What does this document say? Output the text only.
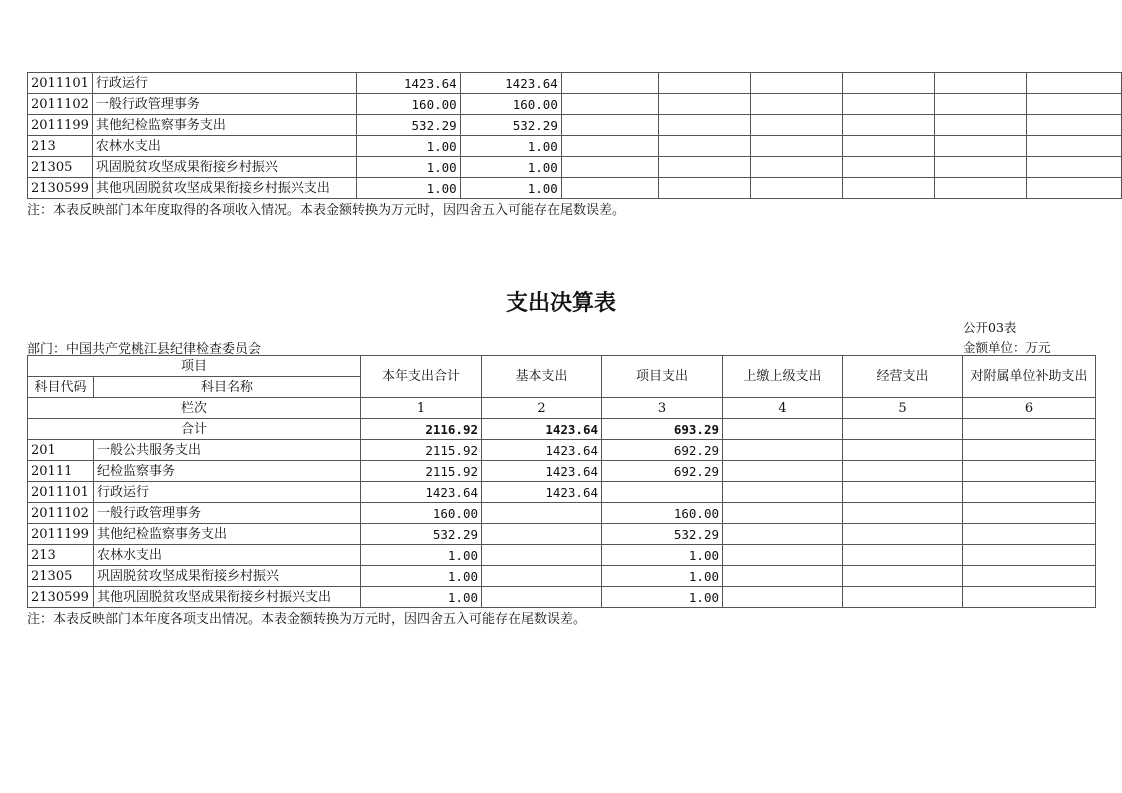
2011101	行政运行	1423.64	1423.64						
2011102	一般行政管理事务	160.00	160.00						
2011199	其他纪检监察事务支出	532.29	532.29						
213	农林水支出	1.00	1.00						
21305	巩固脱贫攻坚成果衔接乡村振兴	1.00	1.00						
2130599	其他巩固脱贫攻坚成果衔接乡村振兴支出	1.00	1.00						
注：本表反映部门本年度取得的各项收入情况。本表金额转换为万元时，因四舍五入可能存在尾数误差。
支出决算表
公开03表
金额单位：万元
部门：中国共产党桃江县纪律检查委员会
项目		本年支出合计	基本支出	项目支出	上缴上级支出	经营支出	对附属单位补助支出
科目代码	科目名称						
栏次		1	2	3	4	5	6
合计		2116.92	1423.64	693.29			
201	一般公共服务支出	2115.92	1423.64	692.29			
20111	纪检监察事务	2115.92	1423.64	692.29			
2011101	行政运行	1423.64	1423.64				
2011102	一般行政管理事务	160.00		160.00			
2011199	其他纪检监察事务支出	532.29		532.29			
213	农林水支出	1.00		1.00			
21305	巩固脱贫攻坚成果衔接乡村振兴	1.00		1.00			
2130599	其他巩固脱贫攻坚成果衔接乡村振兴支出	1.00		1.00			
注：本表反映部门本年度各项支出情况。本表金额转换为万元时，因四舍五入可能存在尾数误差。
